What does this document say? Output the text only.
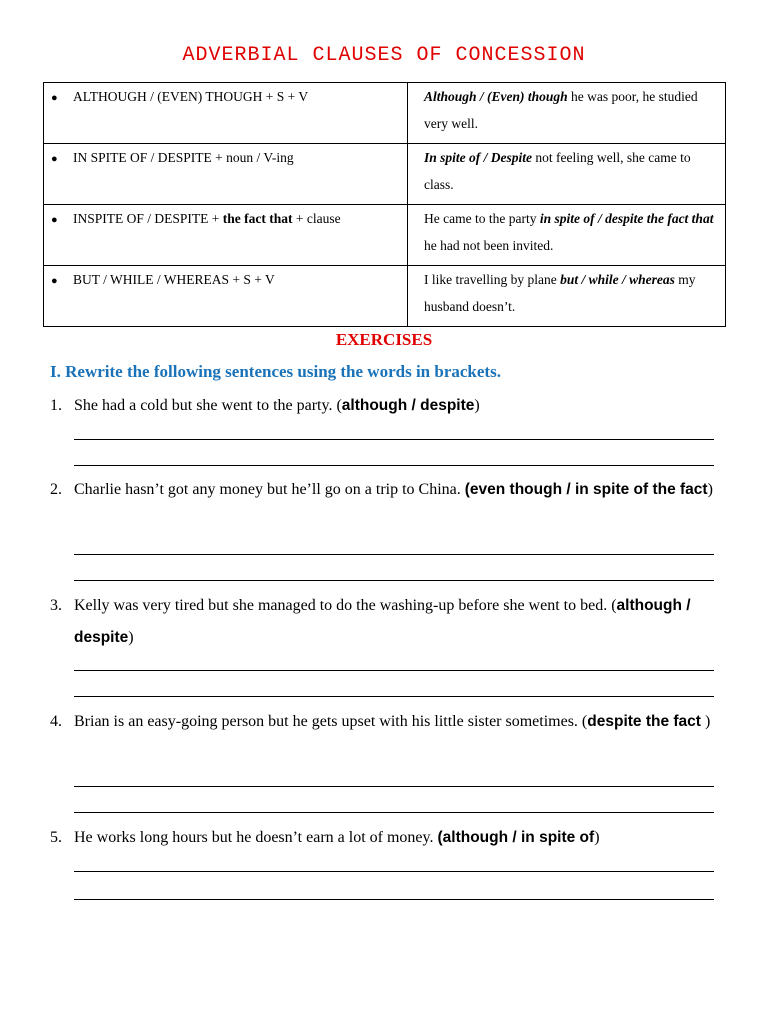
ADVERBIAL CLAUSES OF CONCESSION
● ALTHOUGH / (EVEN) THOUGH + S + V	Although / (Even) though he was poor, he studied very well.
● IN SPITE OF / DESPITE + noun / V-ing	In spite of / Despite not feeling well, she came to class.
● INSPITE OF / DESPITE + the fact that + clause	He came to the party in spite of / despite the fact that he had not been invited.
● BUT / WHILE / WHEREAS + S + V	I like travelling by plane but / while / whereas my husband doesn’t.
EXERCISES
I. Rewrite the following sentences using the words in brackets.
1. She had a cold but she went to the party. (although / despite)
2. Charlie hasn’t got any money but he’ll go on a trip to China. (even though / in spite of the fact)
3. Kelly was very tired but she managed to do the washing-up before she went to bed. (although / despite)
4. Brian is an easy-going person but he gets upset with his little sister sometimes. (despite the fact )
5. He works long hours but he doesn’t earn a lot of money. (although / in spite of)
